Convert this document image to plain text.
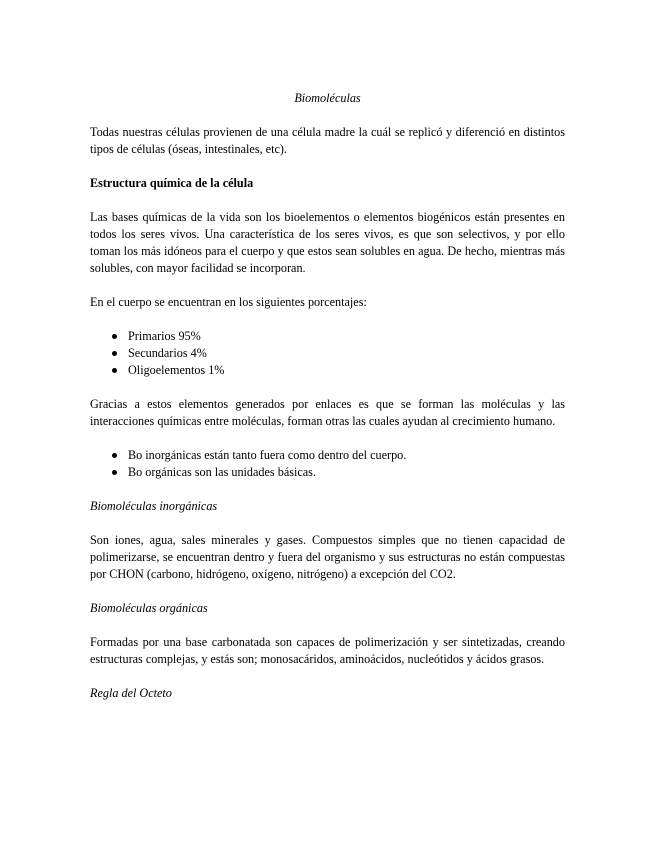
Biomoléculas

Todas nuestras células provienen de una célula madre la cuál se replicó y diferenció en distintos tipos de células (óseas, intestinales, etc).

Estructura química de la célula

Las bases químicas de la vida son los bioelementos o elementos biogénicos están presentes en todos los seres vivos. Una característica de los seres vivos, es que son selectivos, y por ello toman los más idóneos para el cuerpo y que estos sean solubles en agua. De hecho, mientras más solubles, con mayor facilidad se incorporan.

En el cuerpo se encuentran en los siguientes porcentajes:

Primarios 95%
Secundarios 4%
Oligoelementos 1%

Gracias a estos elementos generados por enlaces es que se forman las moléculas y las interacciones químicas entre moléculas, forman otras las cuales ayudan al crecimiento humano.

Bo inorgánicas están tanto fuera como dentro del cuerpo.
Bo orgánicas son las unidades básicas.
Biomoléculas inorgánicas

Son iones, agua, sales minerales y gases. Compuestos simples que no tienen capacidad de polimerizarse, se encuentran dentro y fuera del organismo y sus estructuras no están compuestas por CHON (carbono, hidrógeno, oxígeno, nitrógeno) a excepción del CO2.

Biomoléculas orgánicas

Formadas por una base carbonatada son capaces de polimerización y ser sintetizadas, creando estructuras complejas, y estás son; monosacáridos, aminoácidos, nucleótidos y ácidos grasos.

Regla del Octeto
